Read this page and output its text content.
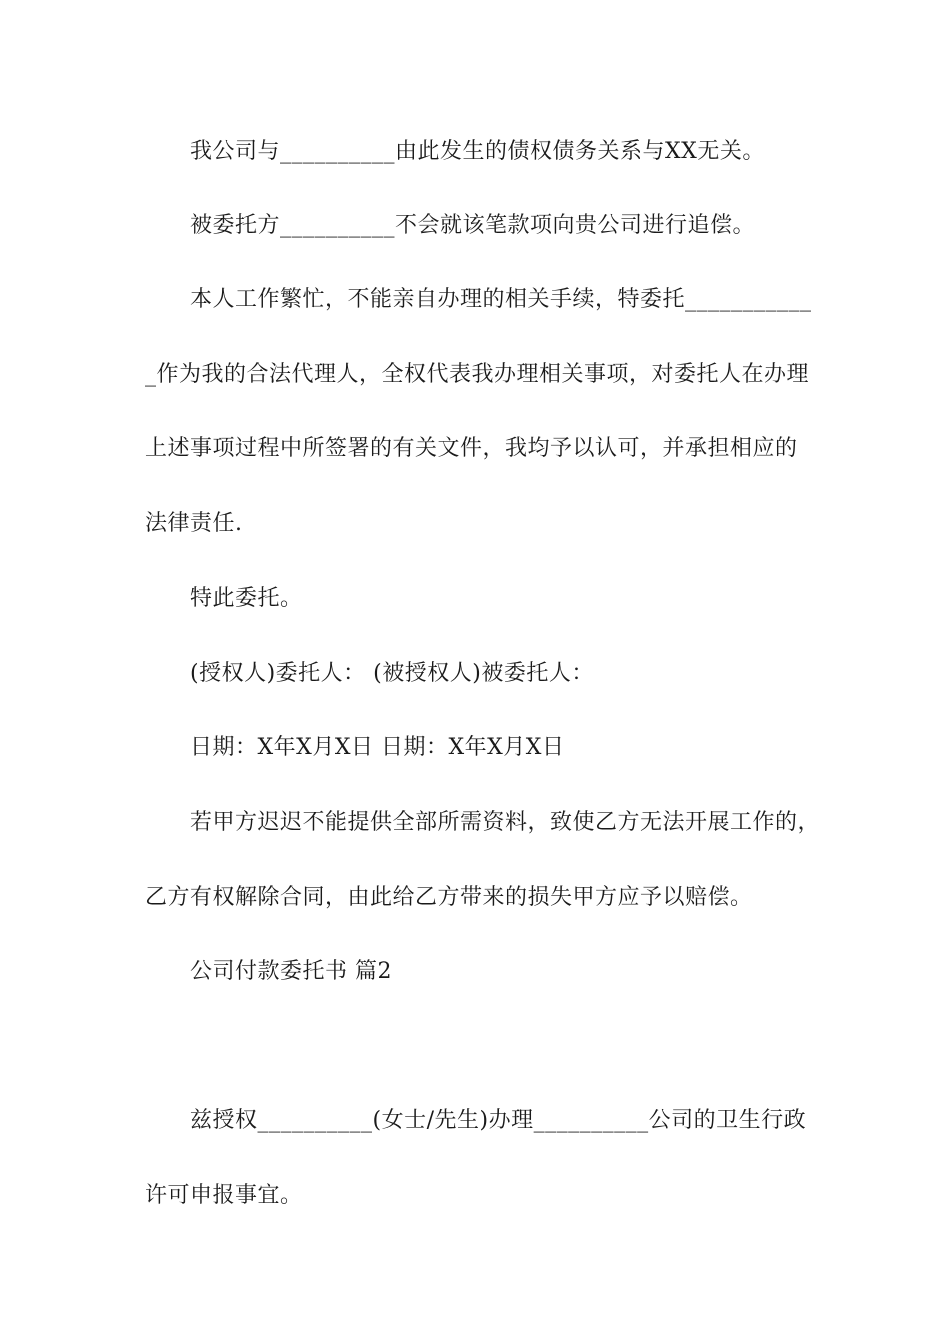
我公司与__________由此发生的债权债务关系与XX无关。
被委托方__________不会就该笔款项向贵公司进行追偿。
本人工作繁忙，不能亲自办理的相关手续，特委托___________
_作为我的合法代理人，全权代表我办理相关事项，对委托人在办理
上述事项过程中所签署的有关文件，我均予以认可，并承担相应的
法律责任.
特此委托。
(授权人)委托人： (被授权人)被委托人：
日期：X年X月X日 日期：X年X月X日
若甲方迟迟不能提供全部所需资料，致使乙方无法开展工作的，
乙方有权解除合同，由此给乙方带来的损失甲方应予以赔偿。
公司付款委托书 篇2
兹授权__________(女士/先生)办理__________公司的卫生行政
许可申报事宜。
